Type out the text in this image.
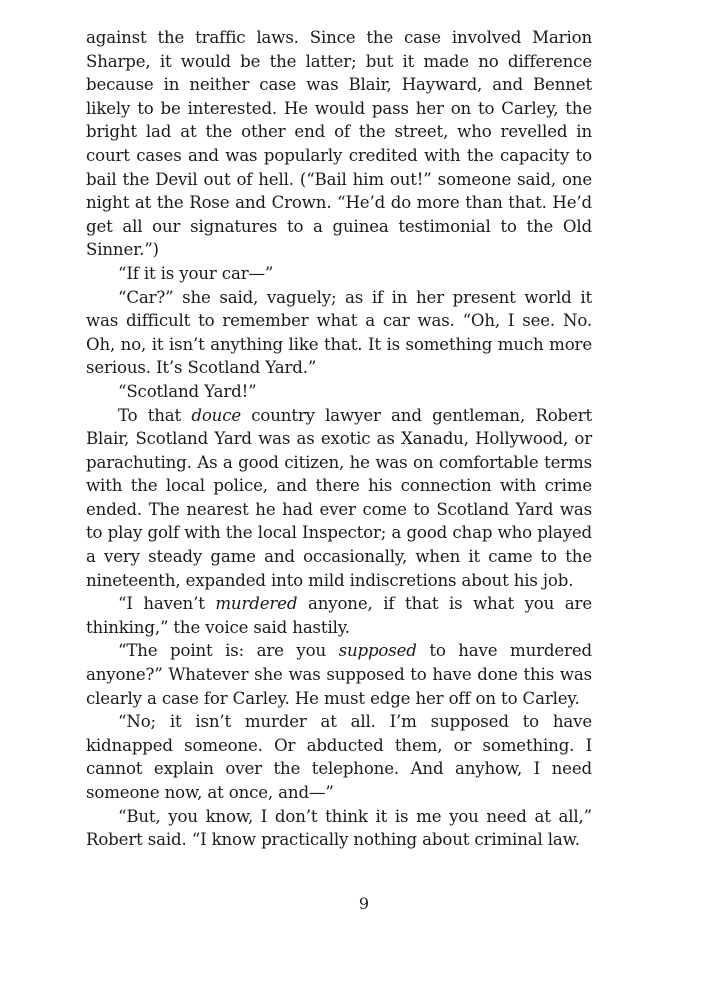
against the traffic laws. Since the case involved Marion Sharpe, it would be the latter; but it made no difference because in neither case was Blair, Hayward, and Bennet likely to be interested. He would pass her on to Carley, the bright lad at the other end of the street, who revelled in court cases and was popularly credited with the capacity to bail the Devil out of hell. (“Bail him out!” someone said, one night at the Rose and Crown. “He’d do more than that. He’d get all our signatures to a guinea testimonial to the Old Sinner.”)

“If it is your car—”

“Car?” she said, vaguely; as if in her present world it was difficult to remember what a car was. “Oh, I see. No. Oh, no, it isn’t anything like that. It is something much more serious. It’s Scotland Yard.”

“Scotland Yard!”

To that douce country lawyer and gentleman, Robert Blair, Scotland Yard was as exotic as Xanadu, Hollywood, or parachuting. As a good citizen, he was on comfortable terms with the local police, and there his connection with crime ended. The nearest he had ever come to Scotland Yard was to play golf with the local Inspector; a good chap who played a very steady game and occasionally, when it came to the nineteenth, expanded into mild indiscretions about his job.

“I haven’t murdered anyone, if that is what you are thinking,” the voice said hastily.

“The point is: are you supposed to have murdered anyone?” Whatever she was supposed to have done this was clearly a case for Carley. He must edge her off on to Carley.

“No; it isn’t murder at all. I’m supposed to have kidnapped someone. Or abducted them, or something. I cannot explain over the telephone. And anyhow, I need someone now, at once, and—”

“But, you know, I don’t think it is me you need at all,” Robert said. “I know practically nothing about criminal law.

9
